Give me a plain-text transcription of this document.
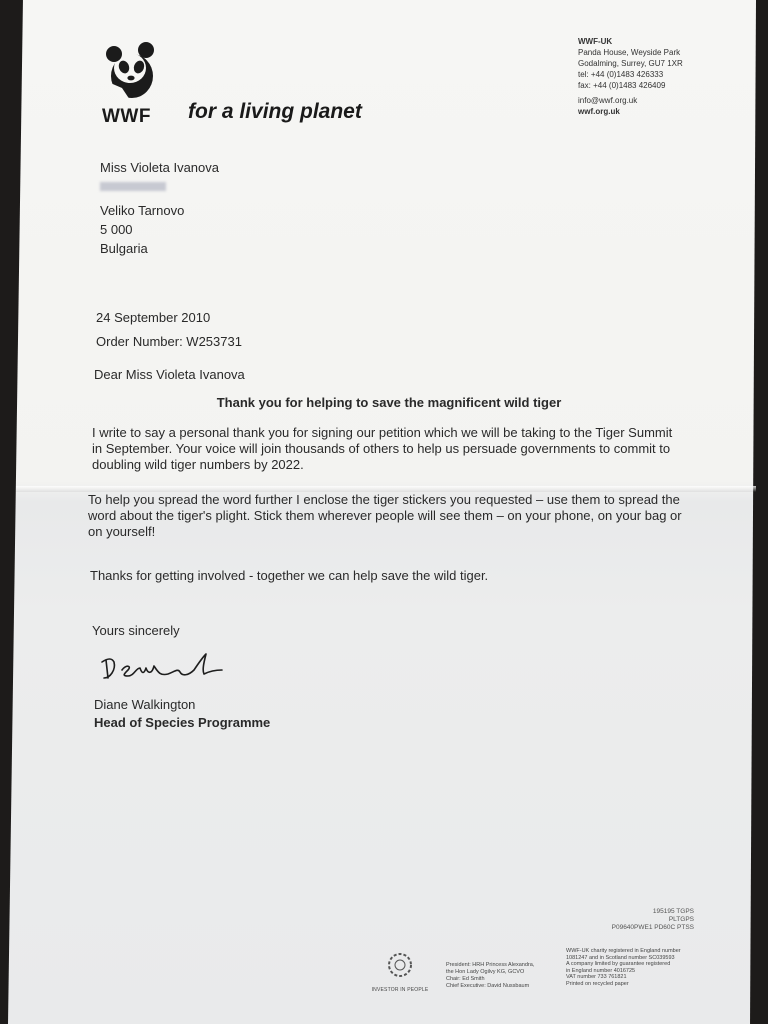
WWF for a living planet
WWF-UK
Panda House, Weyside Park
Godalming, Surrey, GU7 1XR
tel: +44 (0)1483 426333
fax: +44 (0)1483 426409
info@wwf.org.uk
wwf.org.uk
Miss Violeta Ivanova
Veliko Tarnovo
5 000
Bulgaria
24 September 2010
Order Number: W253731
Dear Miss Violeta Ivanova
Thank you for helping to save the magnificent wild tiger
I write to say a personal thank you for signing our petition which we will be taking to the Tiger Summit in September. Your voice will join thousands of others to help us persuade governments to commit to doubling wild tiger numbers by 2022.
To help you spread the word further I enclose the tiger stickers you requested – use them to spread the word about the tiger's plight. Stick them wherever people will see them – on your phone, on your bag or on yourself!
Thanks for getting involved - together we can help save the wild tiger.
Yours sincerely
Diane Walkington
Head of Species Programme
195195 TGPS
PLTGPS
P09640PWE1 PD60C PTSS
INVESTOR IN PEOPLE
President: HRH Princess Alexandra,
the Hon Lady Ogilvy KG, GCVO
Chair: Ed Smith
Chief Executive: David Nussbaum
WWF-UK charity registered in England number
1081247 and in Scotland number SC039593
A company limited by guarantee registered
in England number 4016725
VAT number 733 761821
Printed on recycled paper
